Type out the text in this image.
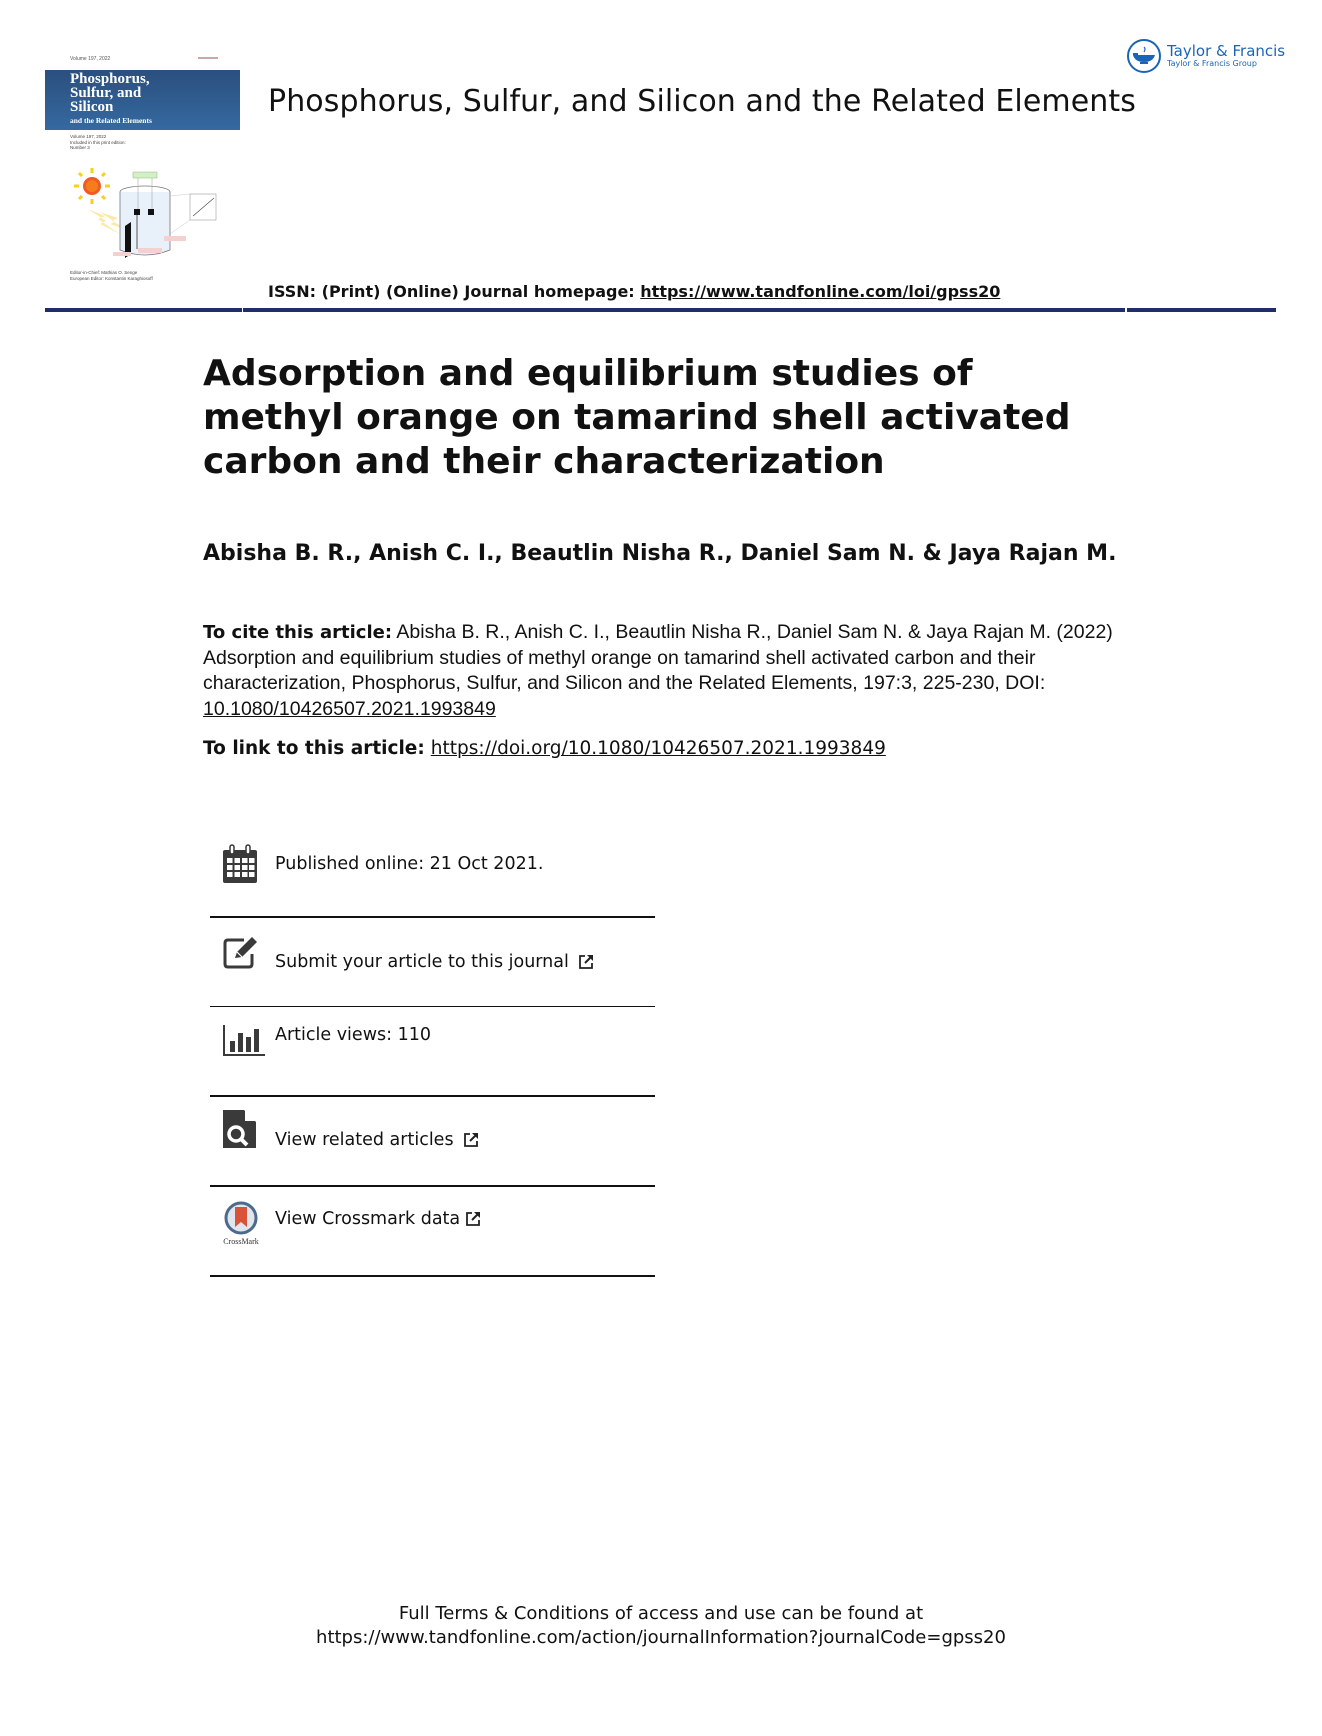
Volume 197, 2022
Phosphorus,
Sulfur, and
Silicon
and the Related Elements
Volume 197, 2022
Included in this print edition:
Number 3
Editor-in-Chief: Mathias O. Senge
European Editor: Konstantin Karaghiosoff
Phosphorus, Sulfur, and Silicon and the Related Elements
Taylor & Francis
Taylor & Francis Group
ISSN: (Print) (Online) Journal homepage: https://www.tandfonline.com/loi/gpss20
Adsorption and equilibrium studies of methyl orange on tamarind shell activated carbon and their characterization
Abisha B. R., Anish C. I., Beautlin Nisha R., Daniel Sam N. & Jaya Rajan M.
To cite this article: Abisha B. R., Anish C. I., Beautlin Nisha R., Daniel Sam N. & Jaya Rajan M. (2022) Adsorption and equilibrium studies of methyl orange on tamarind shell activated carbon and their characterization, Phosphorus, Sulfur, and Silicon and the Related Elements, 197:3, 225-230, DOI: 10.1080/10426507.2021.1993849
To link to this article: https://doi.org/10.1080/10426507.2021.1993849
Published online: 21 Oct 2021.
Submit your article to this journal
Article views: 110
View related articles
CrossMark
View Crossmark data
Full Terms & Conditions of access and use can be found at
https://www.tandfonline.com/action/journalInformation?journalCode=gpss20
